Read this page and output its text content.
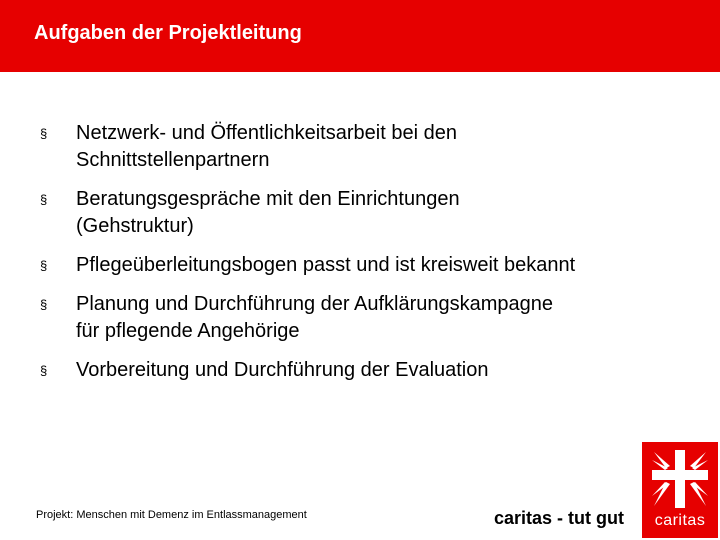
Aufgaben der Projektleitung
§ Netzwerk- und Öffentlichkeitsarbeit bei den
Schnittstellenpartnern
§ Beratungsgespräche mit den Einrichtungen
(Gehstruktur)
§ Pflegeüberleitungsbogen passt und ist kreisweit bekannt
§ Planung und Durchführung der Aufklärungskampagne
für pflegende Angehörige
§ Vorbereitung und Durchführung der Evaluation
Projekt: Menschen mit Demenz im Entlassmanagement	caritas - tut gut	caritas
